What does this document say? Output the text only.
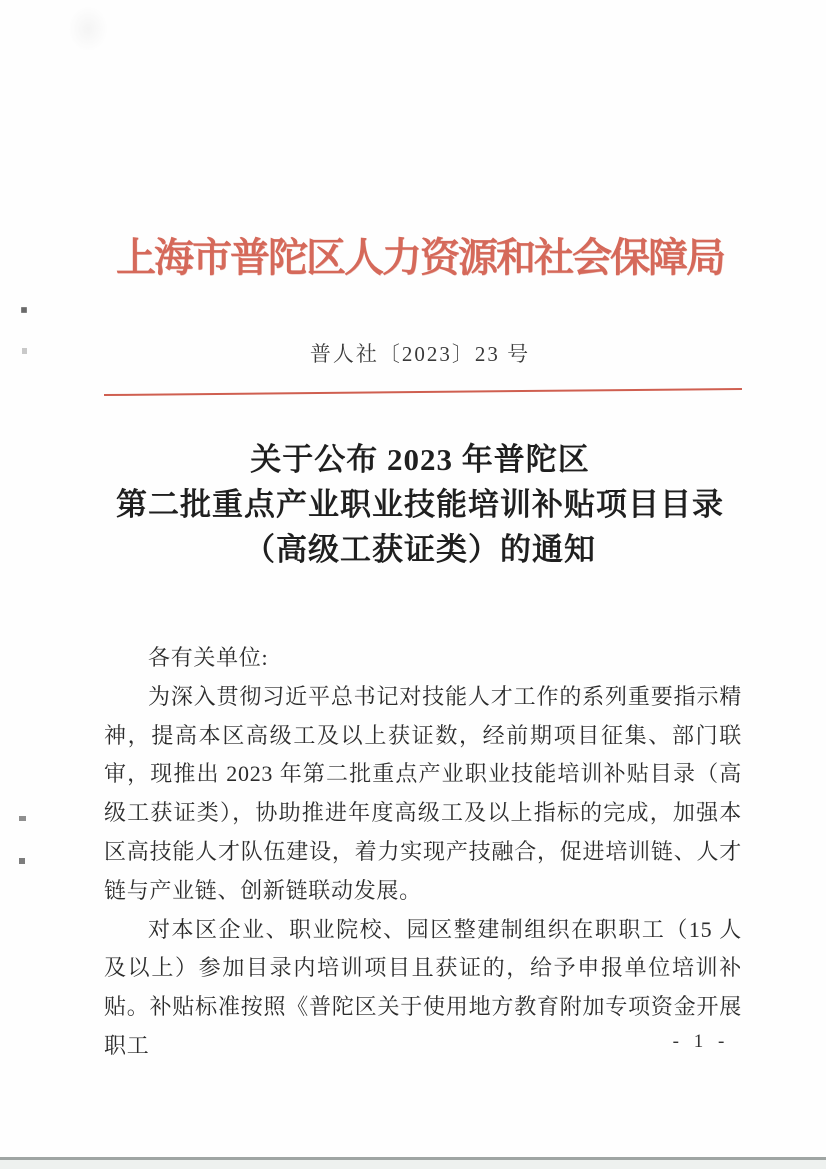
上海市普陀区人力资源和社会保障局
普人社〔2023〕23 号
关于公布 2023 年普陀区
第二批重点产业职业技能培训补贴项目目录
（高级工获证类）的通知

各有关单位:

为深入贯彻习近平总书记对技能人才工作的系列重要指示精神，提高本区高级工及以上获证数，经前期项目征集、部门联审，现推出 2023 年第二批重点产业职业技能培训补贴目录（高级工获证类），协助推进年度高级工及以上指标的完成，加强本区高技能人才队伍建设，着力实现产技融合，促进培训链、人才链与产业链、创新链联动发展。

对本区企业、职业院校、园区整建制组织在职职工（15 人及以上）参加目录内培训项目且获证的，给予申报单位培训补贴。补贴标准按照《普陀区关于使用地方教育附加专项资金开展职工	- 1 -
